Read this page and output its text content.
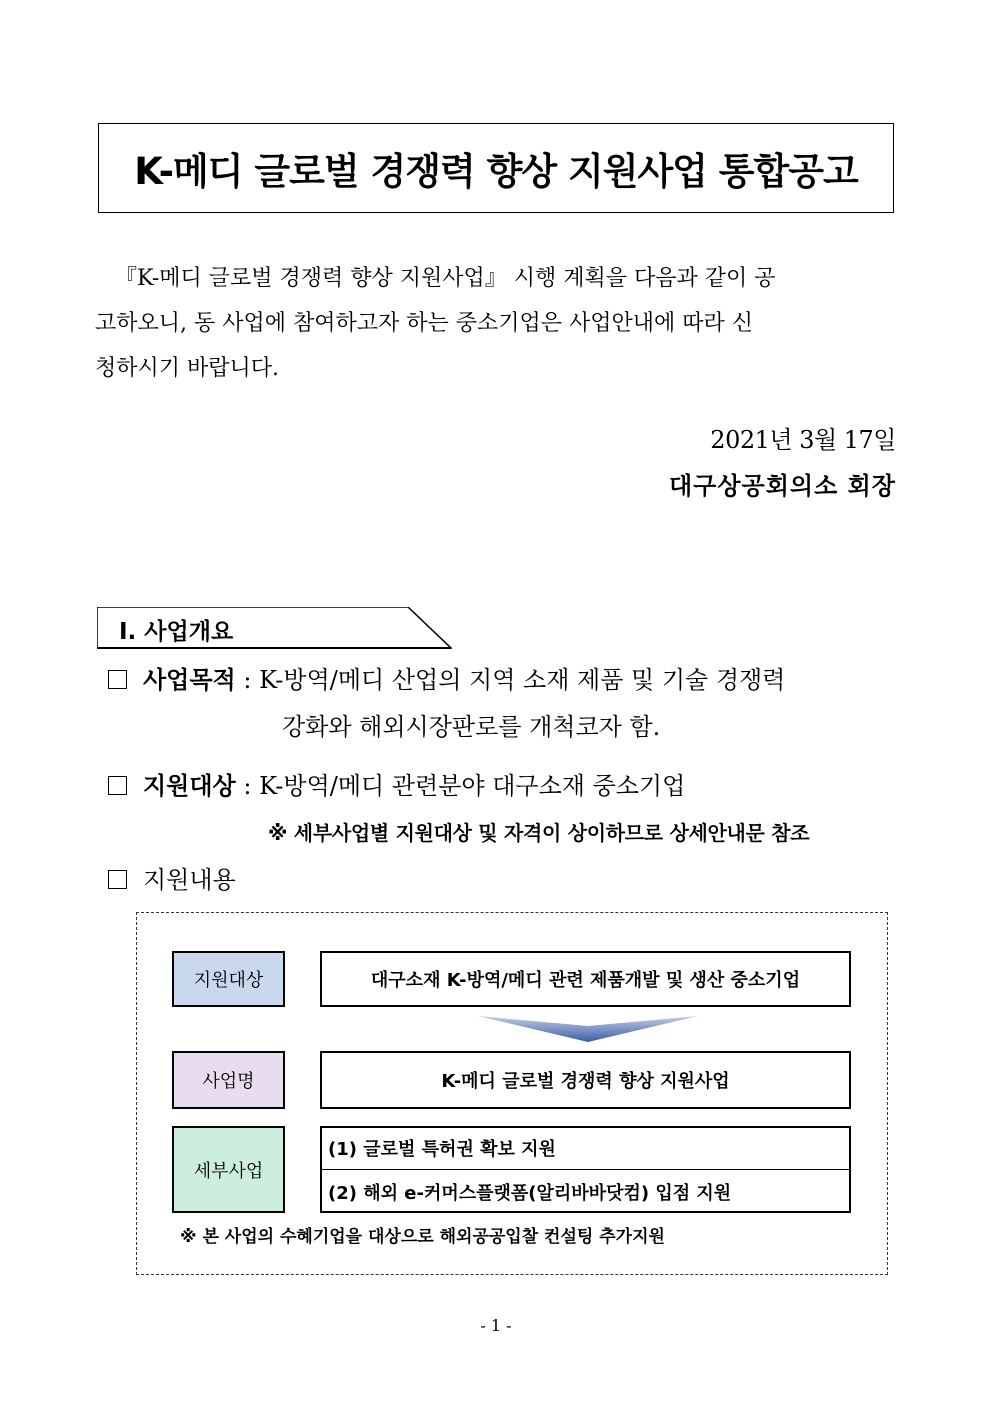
K-메디 글로벌 경쟁력 향상 지원사업 통합공고
『K-메디 글로벌 경쟁력 향상 지원사업』 시행 계획을 다음과 같이 공
고하오니, 동 사업에 참여하고자 하는 중소기업은 사업안내에 따라 신
청하시기 바랍니다.
2021년 3월 17일
대구상공회의소 회장
Ⅰ. 사업개요
사업목적 : K-방역/메디 산업의 지역 소재 제품 및 기술 경쟁력
강화와 해외시장판로를 개척코자 함.
지원대상 : K-방역/메디 관련분야 대구소재 중소기업
※ 세부사업별 지원대상 및 자격이 상이하므로 상세안내문 참조
지원내용
지원대상	대구소재 K-방역/메디 관련 제품개발 및 생산 중소기업
사업명	K-메디 글로벌 경쟁력 향상 지원사업
세부사업
(1) 글로벌 특허권 확보 지원
(2) 해외 e-커머스플랫폼(알리바바닷컴) 입점 지원
※ 본 사업의 수혜기업을 대상으로 해외공공입찰 컨설팅 추가지원
- 1 -
